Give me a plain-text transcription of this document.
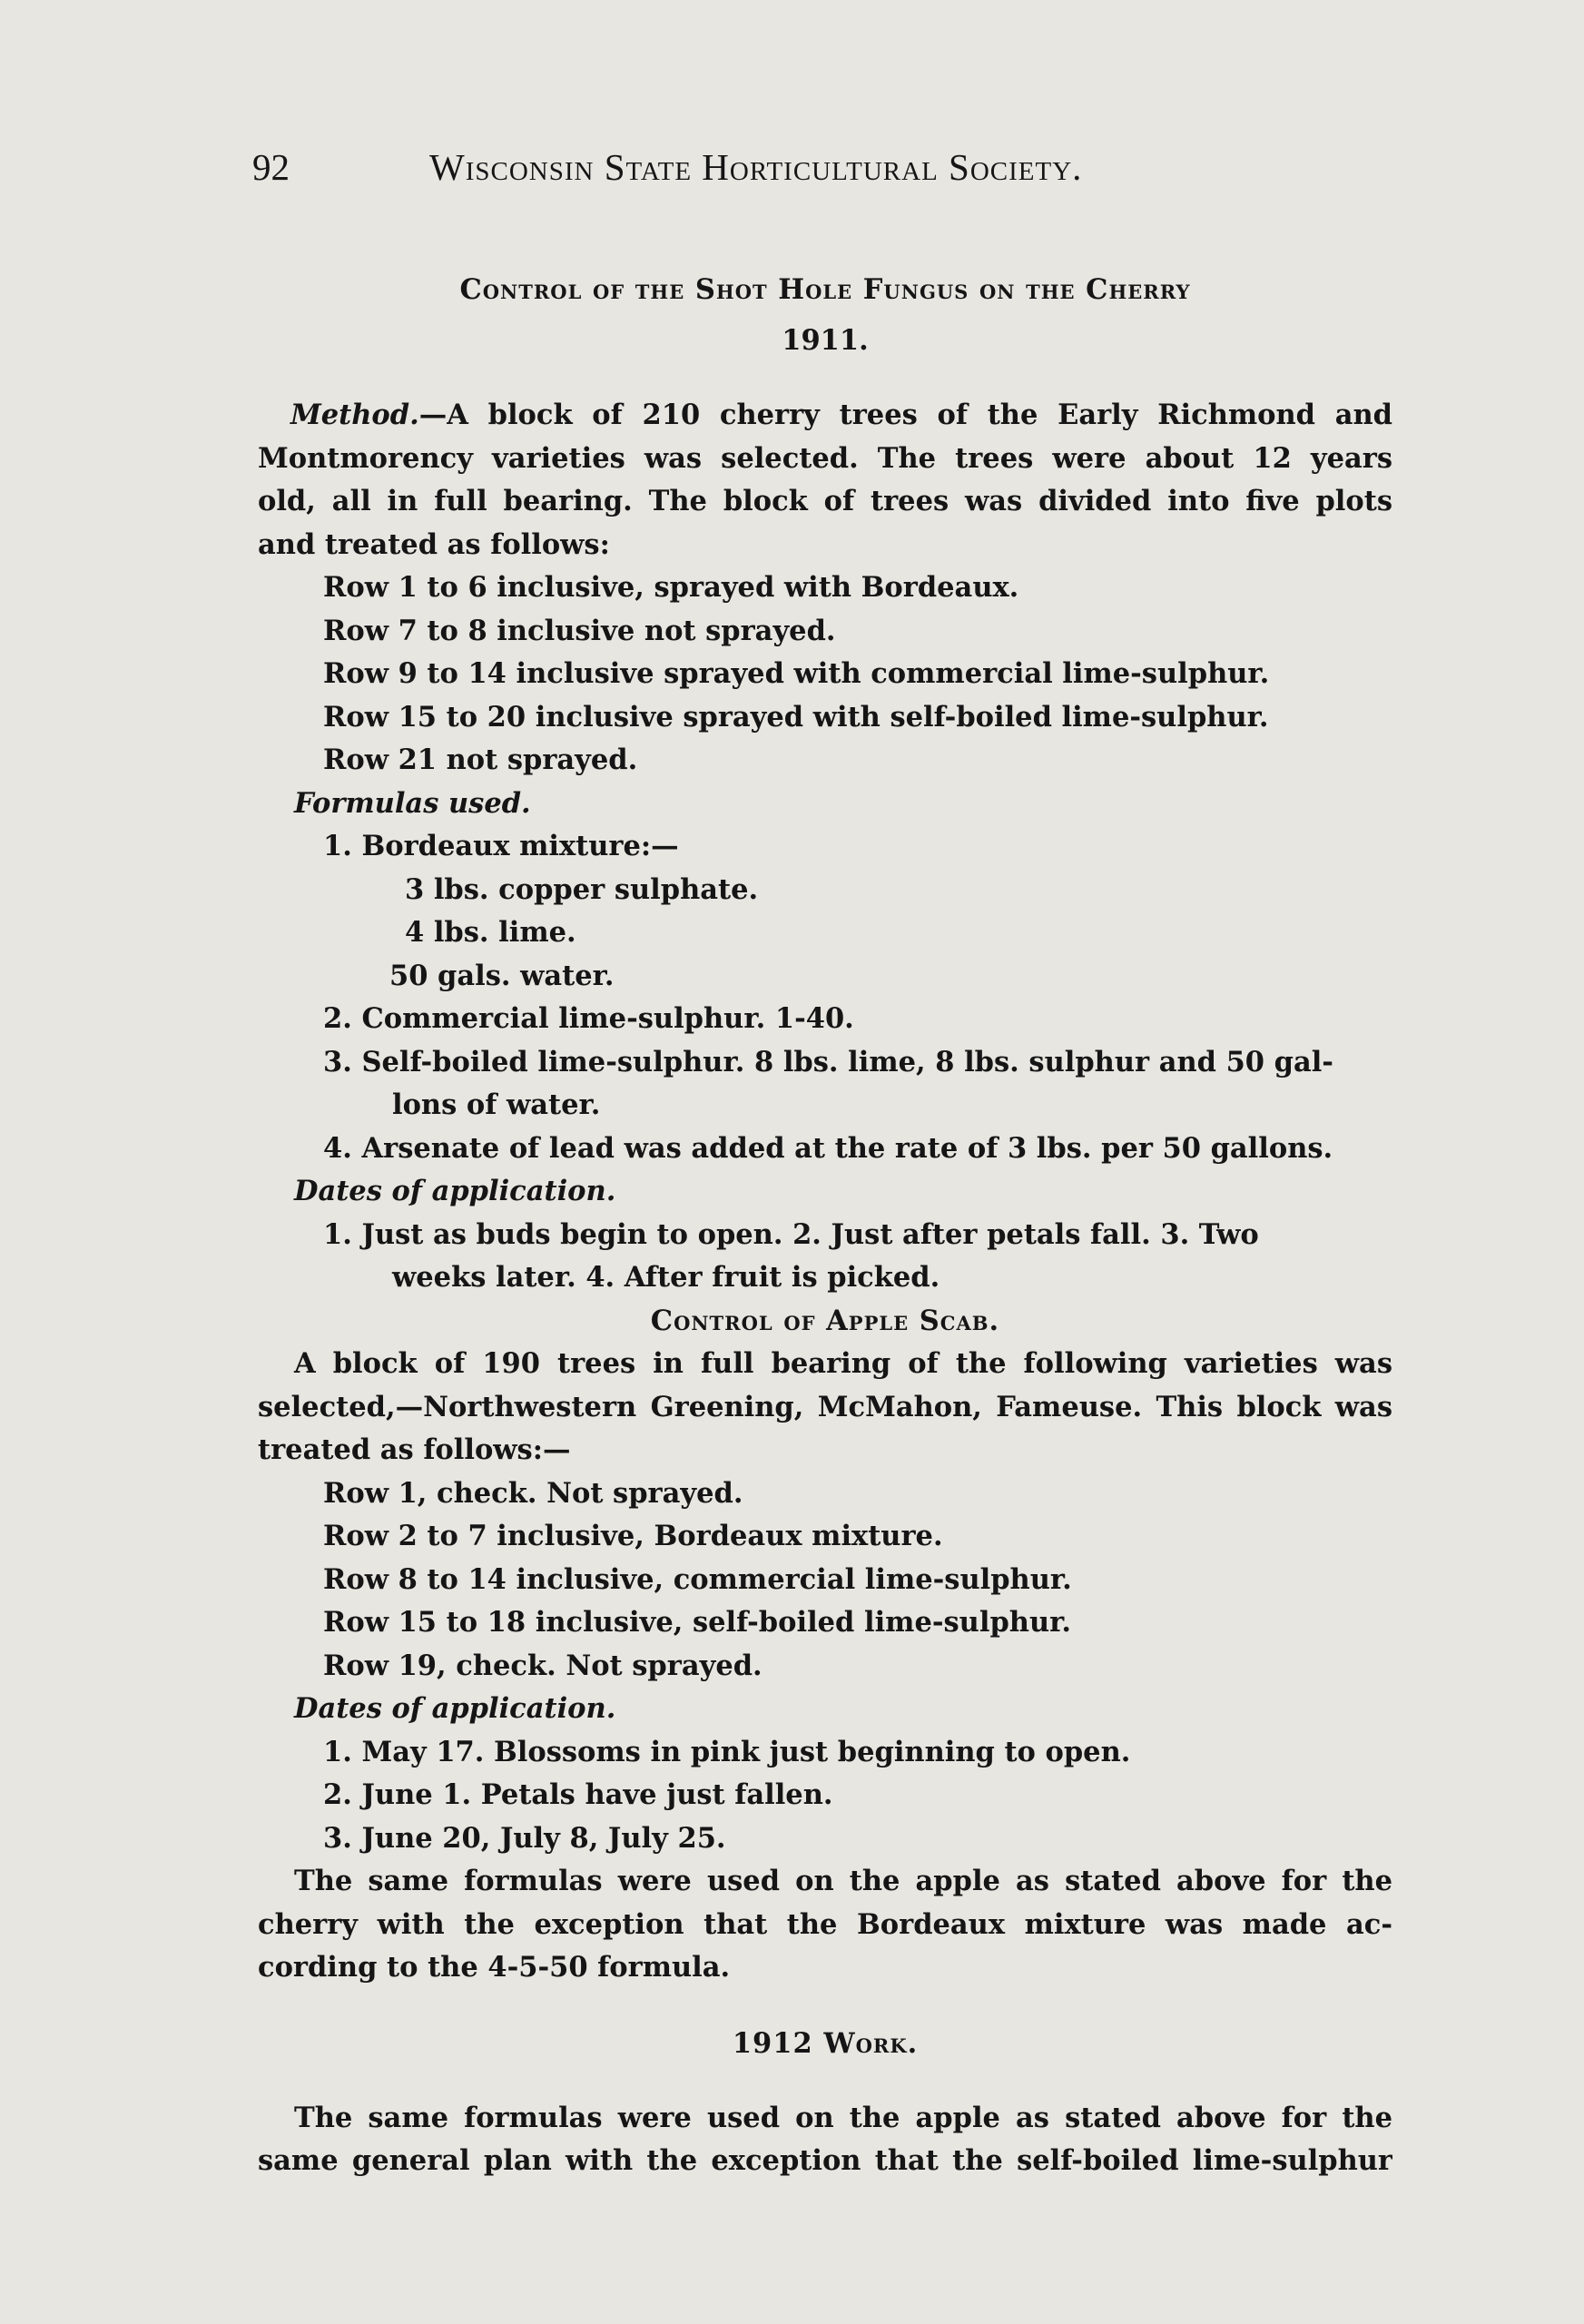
92	Wisconsin State Horticultural Society.
Control of the Shot Hole Fungus on the Cherry
1911.
Method.—A block of 210 cherry trees of the Early Richmond and
Montmorency varieties was selected. The trees were about 12 years
old, all in full bearing. The block of trees was divided into five plots
and treated as follows:
Row 1 to 6 inclusive, sprayed with Bordeaux.
Row 7 to 8 inclusive not sprayed.
Row 9 to 14 inclusive sprayed with commercial lime-sulphur.
Row 15 to 20 inclusive sprayed with self-boiled lime-sulphur.
Row 21 not sprayed.
Formulas used.
1. Bordeaux mixture:—
3 lbs. copper sulphate.
4 lbs. lime.
50 gals. water.
2. Commercial lime-sulphur. 1-40.
3. Self-boiled lime-sulphur. 8 lbs. lime, 8 lbs. sulphur and 50 gal-
lons of water.
4. Arsenate of lead was added at the rate of 3 lbs. per 50 gallons.
Dates of application.
1. Just as buds begin to open. 2. Just after petals fall. 3. Two
weeks later. 4. After fruit is picked.
Control of Apple Scab.
A block of 190 trees in full bearing of the following varieties was
selected,—Northwestern Greening, McMahon, Fameuse. This block was
treated as follows:—
Row 1, check. Not sprayed.
Row 2 to 7 inclusive, Bordeaux mixture.
Row 8 to 14 inclusive, commercial lime-sulphur.
Row 15 to 18 inclusive, self-boiled lime-sulphur.
Row 19, check. Not sprayed.
Dates of application.
1. May 17. Blossoms in pink just beginning to open.
2. June 1. Petals have just fallen.
3. June 20, July 8, July 25.
The same formulas were used on the apple as stated above for the
cherry with the exception that the Bordeaux mixture was made ac-
cording to the 4-5-50 formula.
1912 Work.
The same formulas were used on the apple as stated above for the
same general plan with the exception that the self-boiled lime-sulphur
